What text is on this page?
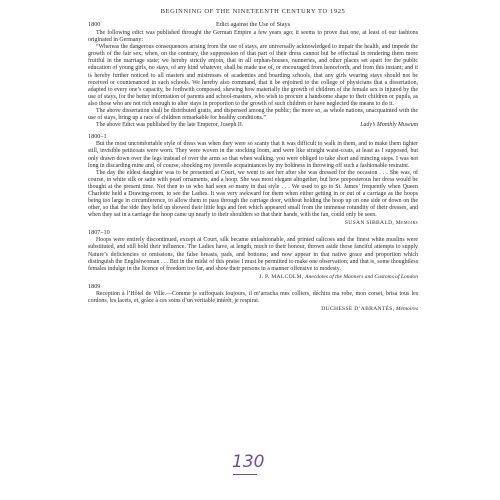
BEGINNING OF THE NINETEENTH CENTURY TO 1925
1800	Edict against the Use of Stays

The following edict was published throught the German Empire a few years ago; it seems to prove that one, at least of our fashions originated in Germany:

“Whereas the dangerous consequences arising from the use of stays, are universally acknowledged to impair the health, and impede the growth of the fair sex; when, on the contrary, the suppression of that part of their dress cannot but be effectual in rendering them more fruitful in the marriage state; we hereby strictly enjoin, that in all orphan-houses, nunneries, and other places set apart for the public education of young girls, no stays, of any kind whatever, shall be made use of, or encouraged from henceforth, and from this instant; and it is hereby further noticed to all masters and mistresses of academies and boarding schools, that any girls wearing stays should not be received or countenanced in such schools. We hereby also command, that it be enjoined to the college of physicians that a dissertation, adapted to every one’s capacity, be forthwith composed, shewing how materially the growth of children of the female sex is injured by the use of stays, for the better information of parents and school-masters, who wish to procure a handsome shape to their children or pupils, as also those who are not rich enough to alter stays in proportion to the growth of such children or have neglected the means to do it.

The above dissertation shall be distributed gratis, and dispensed among the public; the more so, as whole nations, unacquainted with the use of stays, bring up a race of children remarkable for healthy conditions.”

The above Edict was published by the late Emperor, Joseph II.	Lady’s Monthly Museum
1800–1

But the most uncomfortable style of dress was when they were so scanty that it was difficult to walk in them, and to make them tighter still, invisible petticoats were worn. They were woven in the stocking loom, and were like straight waist-coats, at least as I supposed, but only drawn down over the legs instead of over the arms so that when walking, you were obliged to take short and mincing steps. I was not long in discarding mine and, of course, shocking my juvenile acquaintances by my boldness in throwing off such a fashionable restraint.

The day the eldest daughter was to be presented at Court, we went to see her after she was dressed for the occasion . . . She was, of course, in white silk or satin with pearl ornaments, and a hoop. She was most elegant altogether, but how preposterous her dress would be thought at the present time. Not then to us who had seen so many in that style . . . We used to go to St. James’ frequently when Queen Charlotte held a Drawing-room, to see the Ladies. It was very awkward for them when either getting in or out of a carriage as the hoops being too large in circumference, to allow them to pass through the carriage door, without holding the hoop up on one side or down on the other, so that the side they held up showed their little legs and feet which appeared small from the immense rotundity of their dresses, and when they sat in a carriage the hoop came up nearly to their shoulders so that their hands, with the fan, could only be seen.

SUSAN SIBBALD, Memoirs
1807–10

Hoops were entirely discontinued, except at Court, silk became unfashionable, and printed calicoes and the finest white muslins were substituted, and still hold their influence. The Ladies have, at length, much to their honour, thrown aside those fanciful attempts to supply Nature’s deficiencies or omissions, the false breasts, pads, and bottoms; and now appear in that native grace and proportion which distinguish the Englishwoman . . . But in the midst of this praise I must be permitted to make one observation; and that is, some thoughtless females indulge in the licence of freedom too far, and show their persons in a manner offensive to modesty.

J. P. MALCOLM, Anecdotes of the Manners and Customs of London
1809

Reception à l’Hôtel de Ville.—Comme je suffoquais toujours, il m’arracha mes colliers, déchira ma robe, mon corset, brisa tous les cordons, les lacets, et, grâce à ces soins d’un véritable intérêt, je respirai.

DUCHESSE D’ABRANTÈS, Mémoires
130
